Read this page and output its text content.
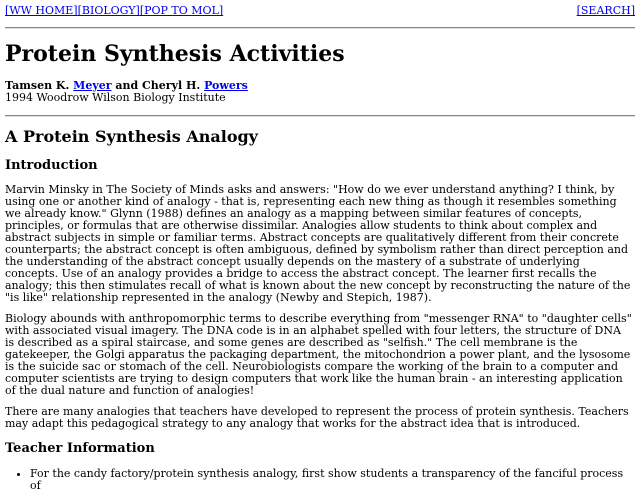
[WW HOME][BIOLOGY][POP TO MOL]	[SEARCH]
Protein Synthesis Activities
Tamsen K. Meyer and Cheryl H. Powers
1994 Woodrow Wilson Biology Institute
A Protein Synthesis Analogy
Introduction

Marvin Minsky in The Society of Minds asks and answers: "How do we ever understand anything? I think, by using one or another kind of analogy - that is, representing each new thing as though it resembles something we already know." Glynn (1988) defines an analogy as a mapping between similar features of concepts, principles, or formulas that are otherwise dissimilar. Analogies allow students to think about complex and abstract subjects in simple or familiar terms. Abstract concepts are qualitatively different from their concrete counterparts; the abstract concept is often ambiguous, defined by symbolism rather than direct perception and the understanding of the abstract concept usually depends on the mastery of a substrate of underlying concepts. Use of an analogy provides a bridge to access the abstract concept. The learner first recalls the analogy; this then stimulates recall of what is known about the new concept by reconstructing the nature of the "is like" relationship represented in the analogy (Newby and Stepich, 1987).

Biology abounds with anthropomorphic terms to describe everything from "messenger RNA" to "daughter cells" with associated visual imagery. The DNA code is in an alphabet spelled with four letters, the structure of DNA is described as a spiral staircase, and some genes are described as "selfish." The cell membrane is the gatekeeper, the Golgi apparatus the packaging department, the mitochondrion a power plant, and the lysosome is the suicide sac or stomach of the cell. Neurobiologists compare the working of the brain to a computer and computer scientists are trying to design computers that work like the human brain - an interesting application of the dual nature and function of analogies!

There are many analogies that teachers have developed to represent the process of protein synthesis. Teachers may adapt this pedagogical strategy to any analogy that works for the abstract idea that is introduced.

Teacher Information
• For the candy factory/protein synthesis analogy, first show students a transparency of the fanciful process of
